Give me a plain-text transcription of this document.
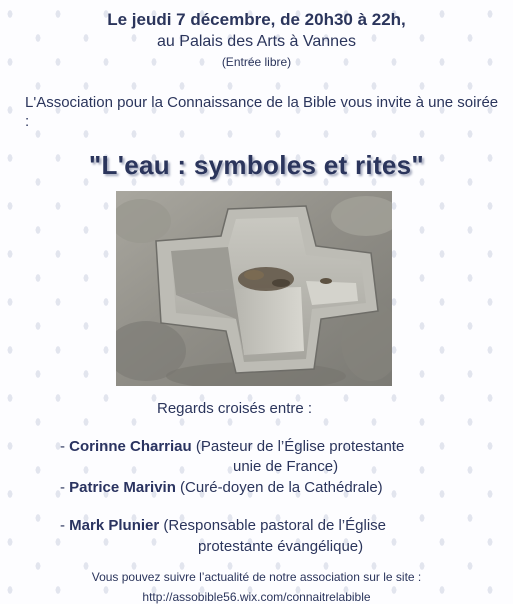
Le jeudi 7 décembre, de 20h30 à 22h,
au Palais des Arts à Vannes
(Entrée libre)
L'Association pour la Connaissance de la Bible vous invite à une soirée :
"L'eau : symboles et rites"
Regards croisés entre :
- Corinne Charriau (Pasteur de l’Église protestante
unie de France)
- Patrice Marivin (Curé-doyen de la Cathédrale)
- Mark Plunier (Responsable pastoral de l’Église
protestante évangélique)
Vous pouvez suivre l’actualité de notre association sur le site :
http://assobible56.wix.com/connaitrelabible
